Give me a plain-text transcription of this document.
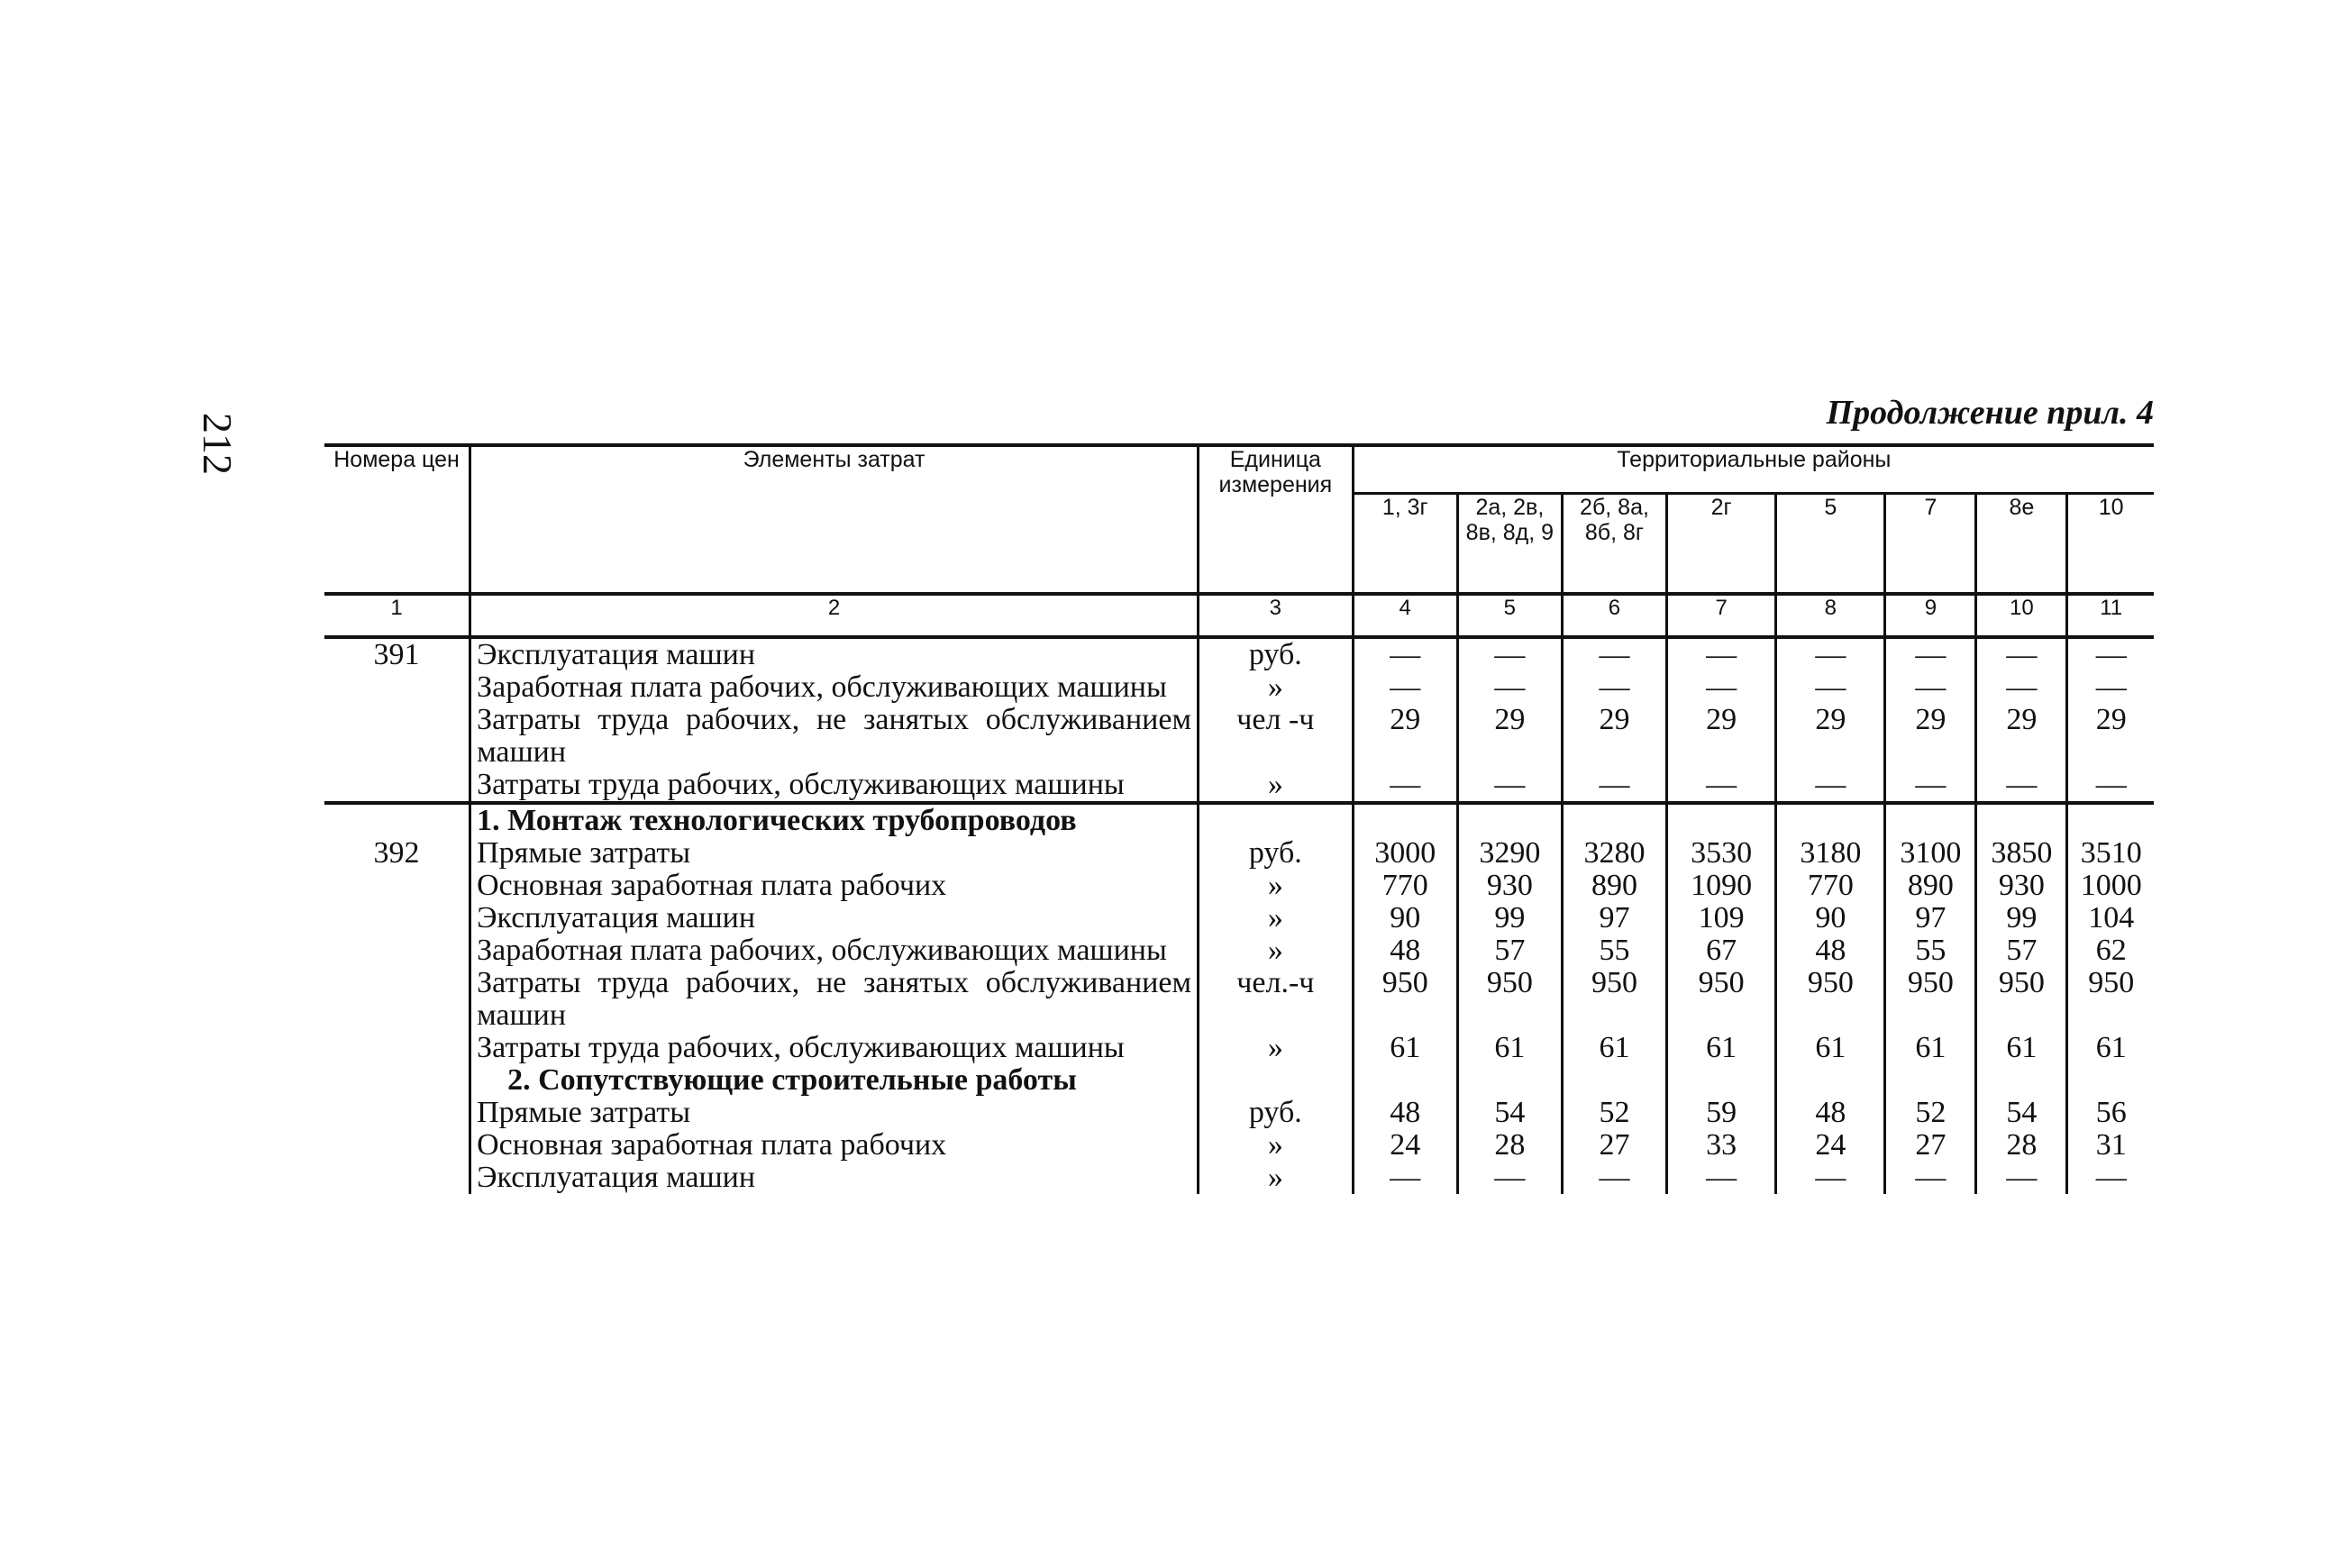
212	Продолжение прил. 4
Номера цен	Элементы затрат	Единица измерения	Территориальные районы							
			1, 3г	2а, 2в, 8в, 8д, 9	2б, 8а, 8б, 8г	2г	5	7	8е	10
1	2	3	4	5	6	7	8	9	10	11
391	Эксплуатация машин	руб.	—	—	—	—	—	—	—	—
	Заработная плата рабочих, обслуживающих машины	»	—	—	—	—	—	—	—	—
	Затраты труда рабочих, не занятых обслуживанием машин	чел -ч	29	29	29	29	29	29	29	29
	Затраты труда рабочих, обслуживающих машины	»	—	—	—	—	—	—	—	—
	1. Монтаж технологических трубопроводов									
392	Прямые затраты	руб.	3000	3290	3280	3530	3180	3100	3850	3510
	Основная заработная плата рабочих	»	770	930	890	1090	770	890	930	1000
	Эксплуатация машин	»	90	99	97	109	90	97	99	104
	Заработная плата рабочих, обслуживающих машины	»	48	57	55	67	48	55	57	62
	Затраты труда рабочих, не занятых обслуживанием машин	чел.-ч	950	950	950	950	950	950	950	950
	Затраты труда рабочих, обслуживающих машины	»	61	61	61	61	61	61	61	61
	2. Сопутствующие строительные работы									
	Прямые затраты	руб.	48	54	52	59	48	52	54	56
	Основная заработная плата рабочих	»	24	28	27	33	24	27	28	31
	Эксплуатация машин	»	—	—	—	—	—	—	—	—
